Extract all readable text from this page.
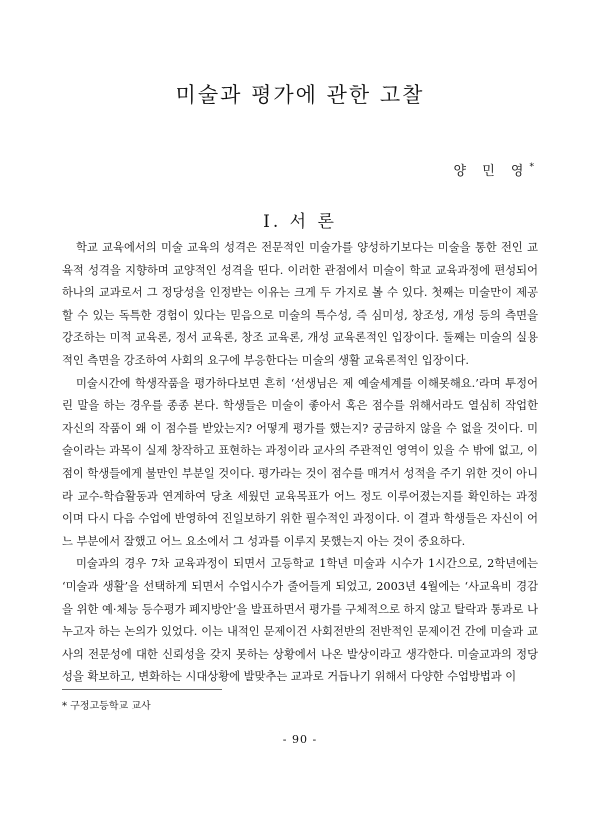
미술과 평가에 관한 고찰
양 민 영*
Ⅰ. 서 론

학교 교육에서의 미술 교육의 성격은 전문적인 미술가를 양성하기보다는 미술을 통한 전인 교육적 성격을 지향하며 교양적인 성격을 띤다. 이러한 관점에서 미술이 학교 교육과정에 편성되어 하나의 교과로서 그 정당성을 인정받는 이유는 크게 두 가지로 볼 수 있다. 첫째는 미술만이 제공할 수 있는 독특한 경험이 있다는 믿음으로 미술의 특수성, 즉 심미성, 창조성, 개성 등의 측면을 강조하는 미적 교육론, 정서 교육론, 창조 교육론, 개성 교육론적인 입장이다. 둘째는 미술의 실용적인 측면을 강조하여 사회의 요구에 부응한다는 미술의 생활 교육론적인 입장이다.

미술시간에 학생작품을 평가하다보면 흔히 ‘선생님은 제 예술세계를 이해못해요.’라며 투정어린 말을 하는 경우를 종종 본다. 학생들은 미술이 좋아서 혹은 점수를 위해서라도 열심히 작업한 자신의 작품이 왜 이 점수를 받았는지? 어떻게 평가를 했는지? 궁금하지 않을 수 없을 것이다. 미술이라는 과목이 실제 창작하고 표현하는 과정이라 교사의 주관적인 영역이 있을 수 밖에 없고, 이 점이 학생들에게 불만인 부분일 것이다. 평가라는 것이 점수를 매겨서 성적을 주기 위한 것이 아니라 교수-학습활동과 연계하여 당초 세웠던 교육목표가 어느 정도 이루어졌는지를 확인하는 과정이며 다시 다음 수업에 반영하여 진일보하기 위한 필수적인 과정이다. 이 결과 학생들은 자신이 어느 부분에서 잘했고 어느 요소에서 그 성과를 이루지 못했는지 아는 것이 중요하다.

미술과의 경우 7차 교육과정이 되면서 고등학교 1학년 미술과 시수가 1시간으로, 2학년에는 ‘미술과 생활’을 선택하게 되면서 수업시수가 줄어들게 되었고, 2003년 4월에는 ‘사교육비 경감을 위한 예·체능 등수평가 폐지방안’을 발표하면서 평가를 구체적으로 하지 않고 탈락과 통과로 나누고자 하는 논의가 있었다. 이는 내적인 문제이건 사회전반의 전반적인 문제이건 간에 미술과 교사의 전문성에 대한 신뢰성을 갖지 못하는 상황에서 나온 발상이라고 생각한다. 미술교과의 정당성을 확보하고, 변화하는 시대상황에 발맞추는 교과로 거듭나기 위해서 다양한 수업방법과 이

* 구정고등학교 교사
- 90 -
